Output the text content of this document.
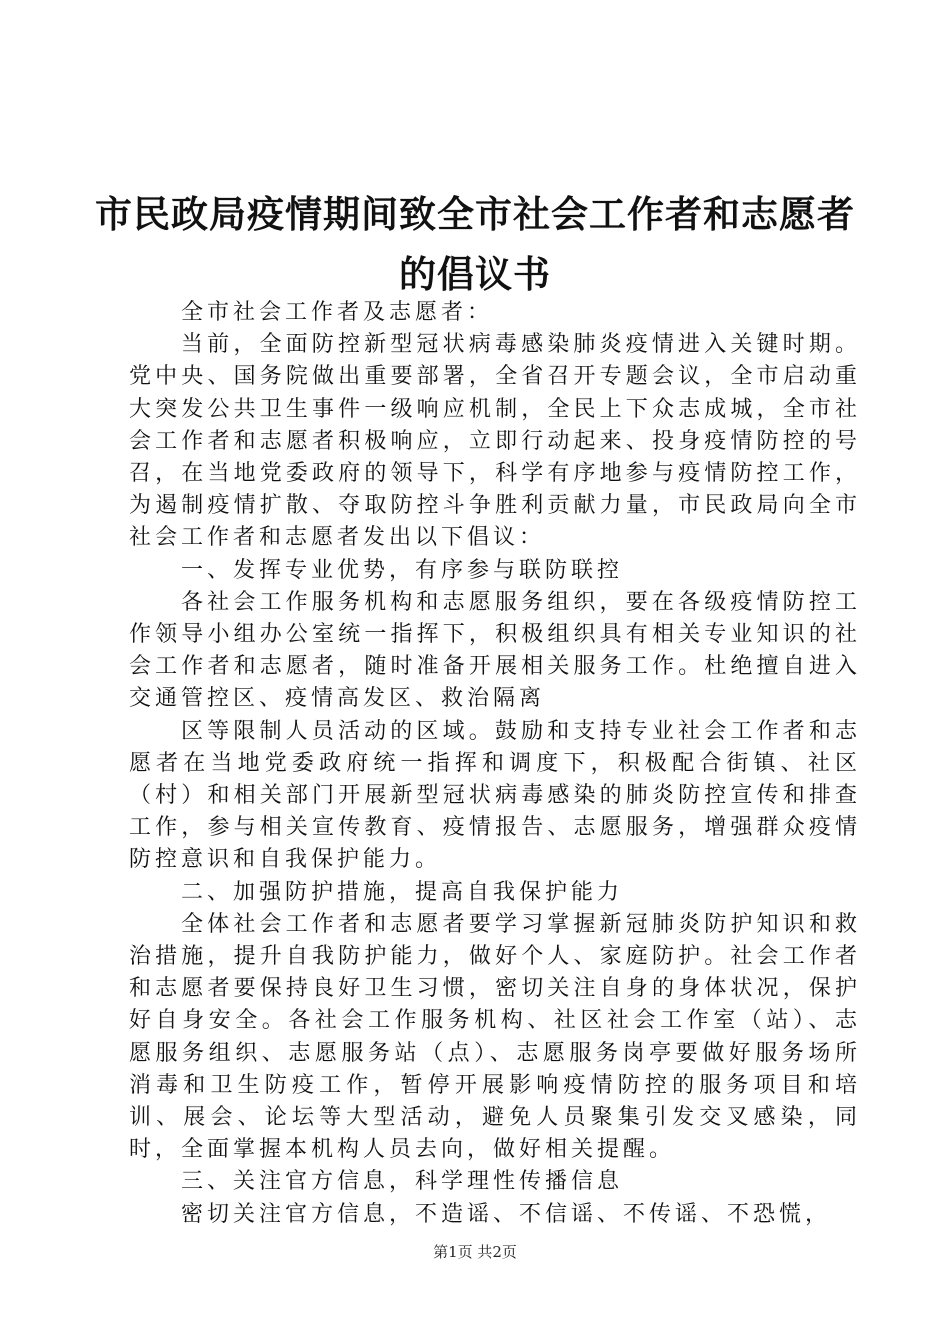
市民政局疫情期间致全市社会工作者和志愿者
的倡议书

全市社会工作者及志愿者：

当前，全面防控新型冠状病毒感染肺炎疫情进入关键时期。党中央、国务院做出重要部署，全省召开专题会议，全市启动重大突发公共卫生事件一级响应机制，全民上下众志成城，全市社会工作者和志愿者积极响应，立即行动起来、投身疫情防控的号召，在当地党委政府的领导下，科学有序地参与疫情防控工作，为遏制疫情扩散、夺取防控斗争胜利贡献力量，市民政局向全市社会工作者和志愿者发出以下倡议：

一、发挥专业优势，有序参与联防联控

各社会工作服务机构和志愿服务组织，要在各级疫情防控工作领导小组办公室统一指挥下，积极组织具有相关专业知识的社会工作者和志愿者，随时准备开展相关服务工作。杜绝擅自进入交通管控区、疫情高发区、救治隔离

区等限制人员活动的区域。鼓励和支持专业社会工作者和志愿者在当地党委政府统一指挥和调度下，积极配合街镇、社区（村）和相关部门开展新型冠状病毒感染的肺炎防控宣传和排查工作，参与相关宣传教育、疫情报告、志愿服务，增强群众疫情防控意识和自我保护能力。

二、加强防护措施，提高自我保护能力

全体社会工作者和志愿者要学习掌握新冠肺炎防护知识和救治措施，提升自我防护能力，做好个人、家庭防护。社会工作者和志愿者要保持良好卫生习惯，密切关注自身的身体状况，保护好自身安全。各社会工作服务机构、社区社会工作室（站）、志愿服务组织、志愿服务站（点）、志愿服务岗亭要做好服务场所消毒和卫生防疫工作，暂停开展影响疫情防控的服务项目和培训、展会、论坛等大型活动，避免人员聚集引发交叉感染，同时，全面掌握本机构人员去向，做好相关提醒。

三、关注官方信息，科学理性传播信息

密切关注官方信息，不造谣、不信谣、不传谣、不恐慌，

第1页 共2页
